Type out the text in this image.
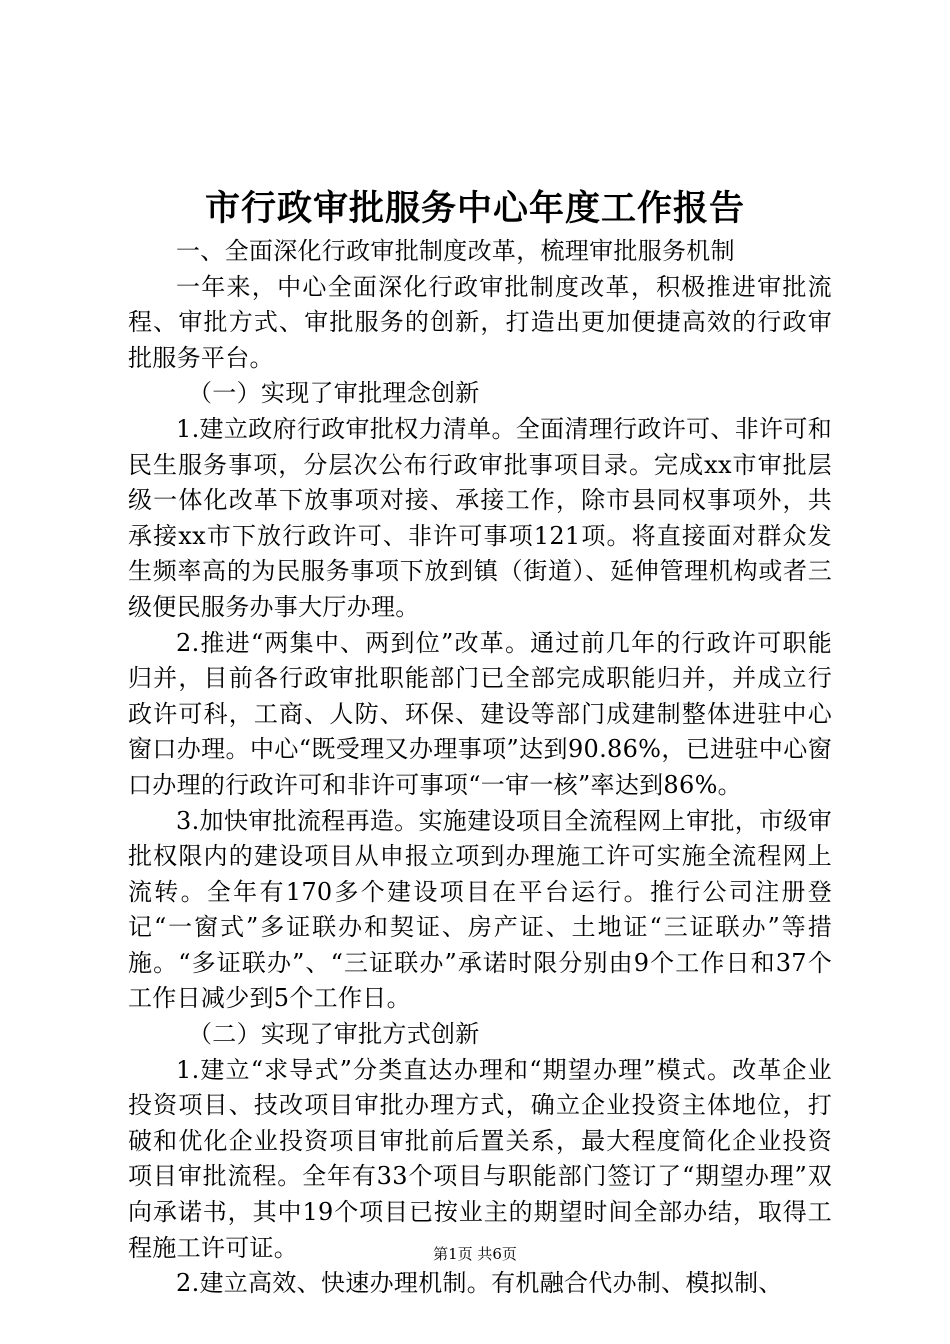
市行政审批服务中心年度工作报告

一、全面深化行政审批制度改革，梳理审批服务机制

一年来，中心全面深化行政审批制度改革，积极推进审批流程、审批方式、审批服务的创新，打造出更加便捷高效的行政审批服务平台。

（一）实现了审批理念创新

1.建立政府行政审批权力清单。全面清理行政许可、非许可和民生服务事项，分层次公布行政审批事项目录。完成xx市审批层级一体化改革下放事项对接、承接工作，除市县同权事项外，共承接xx市下放行政许可、非许可事项121项。将直接面对群众发生频率高的为民服务事项下放到镇（街道）、延伸管理机构或者三级便民服务办事大厅办理。

2.推进“两集中、两到位”改革。通过前几年的行政许可职能归并，目前各行政审批职能部门已全部完成职能归并，并成立行政许可科，工商、人防、环保、建设等部门成建制整体进驻中心窗口办理。中心“既受理又办理事项”达到90.86%，已进驻中心窗口办理的行政许可和非许可事项“一审一核”率达到86%。

3.加快审批流程再造。实施建设项目全流程网上审批，市级审批权限内的建设项目从申报立项到办理施工许可实施全流程网上流转。全年有170多个建设项目在平台运行。推行公司注册登记“一窗式”多证联办和契证、房产证、土地证“三证联办”等措施。“多证联办”、“三证联办”承诺时限分别由9个工作日和37个工作日减少到5个工作日。

（二）实现了审批方式创新

1.建立“求导式”分类直达办理和“期望办理”模式。改革企业投资项目、技改项目审批办理方式，确立企业投资主体地位，打破和优化企业投资项目审批前后置关系，最大程度简化企业投资项目审批流程。全年有33个项目与职能部门签订了“期望办理”双向承诺书，其中19个项目已按业主的期望时间全部办结，取得工程施工许可证。

2.建立高效、快速办理机制。有机融合代办制、模拟制、

第1页 共6页
